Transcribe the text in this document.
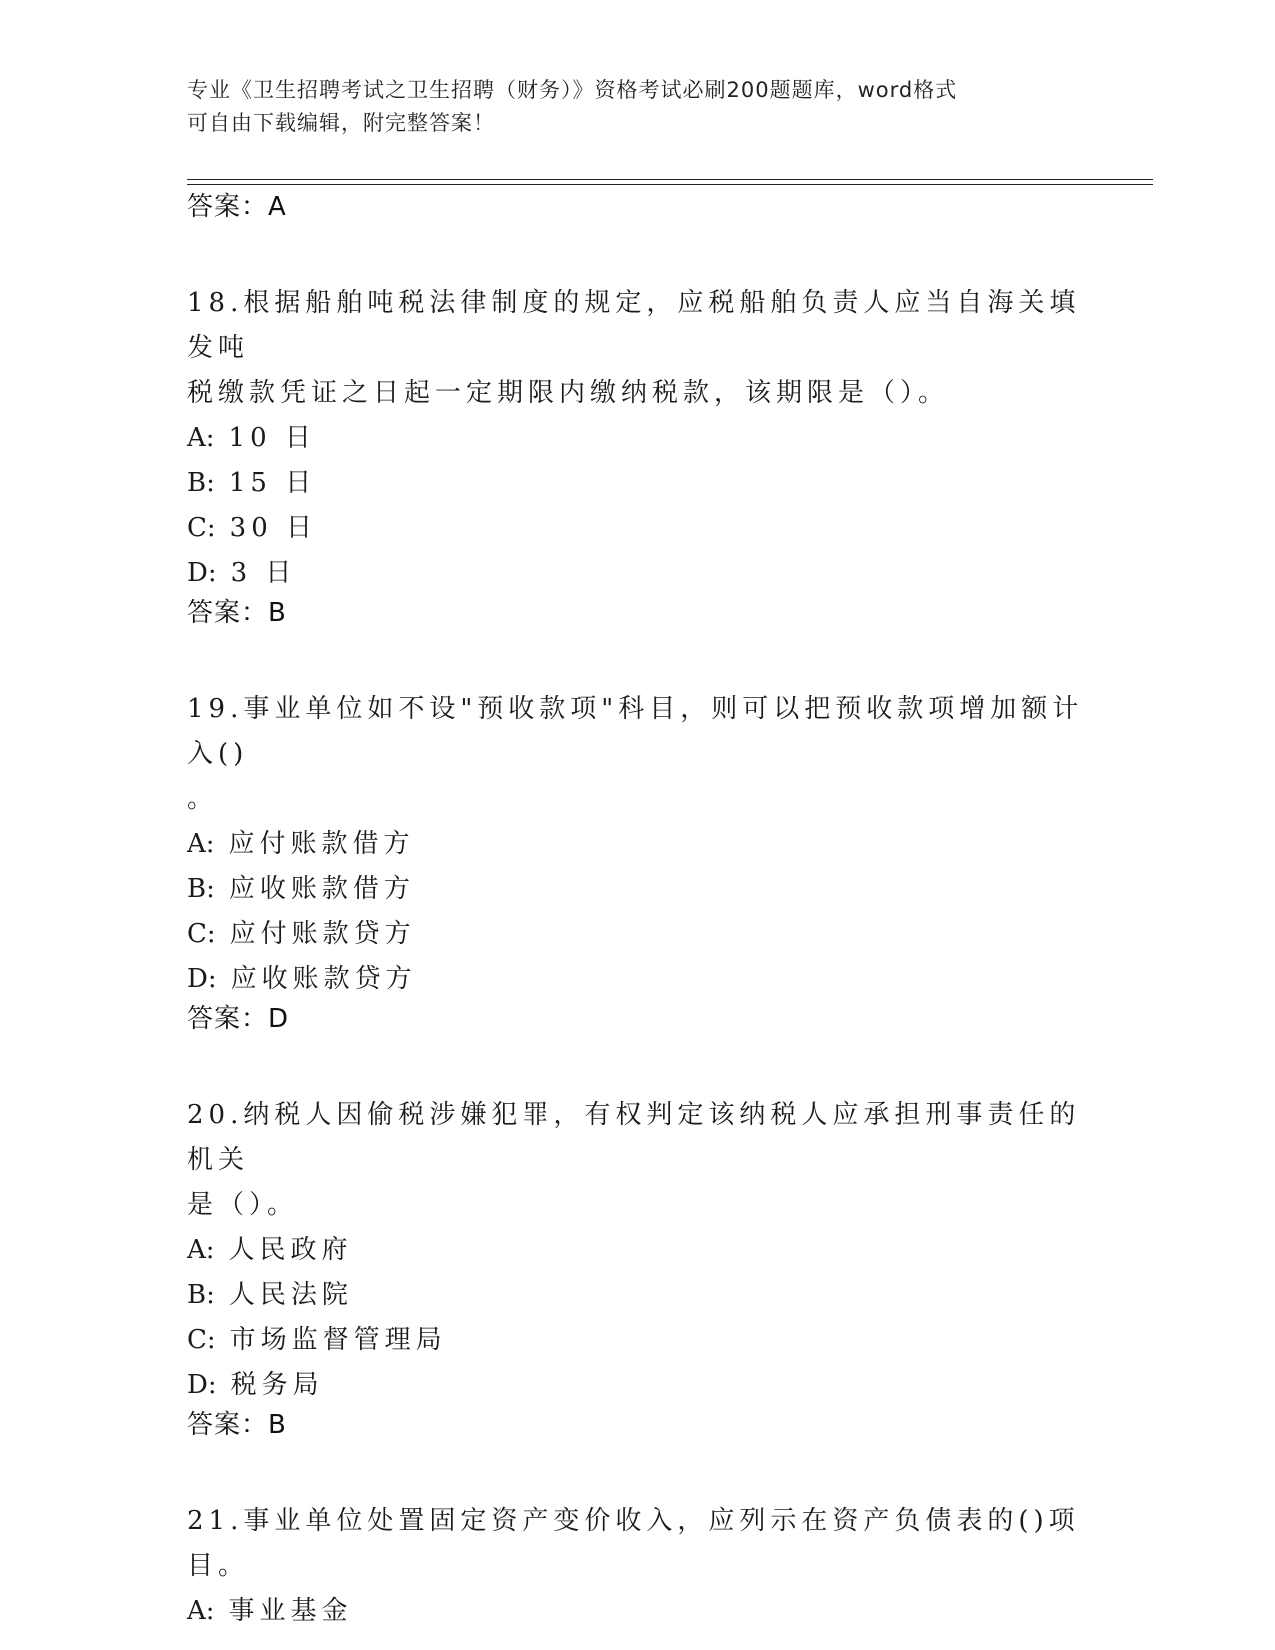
专业《卫生招聘考试之卫生招聘（财务）》资格考试必刷200题题库，word格式
可自由下载编辑，附完整答案！
答案：A
18.根据船舶吨税法律制度的规定，应税船舶负责人应当自海关填发吨
税缴款凭证之日起一定期限内缴纳税款，该期限是（）。
A: 10 日
B: 15 日
C: 30 日
D: 3 日
答案：B
19.事业单位如不设"预收款项"科目，则可以把预收款项增加额计入()
。
A: 应付账款借方
B: 应收账款借方
C: 应付账款贷方
D: 应收账款贷方
答案：D
20.纳税人因偷税涉嫌犯罪，有权判定该纳税人应承担刑事责任的机关
是（）。
A: 人民政府
B: 人民法院
C: 市场监督管理局
D: 税务局
答案：B
21.事业单位处置固定资产变价收入，应列示在资产负债表的()项目。
A: 事业基金
